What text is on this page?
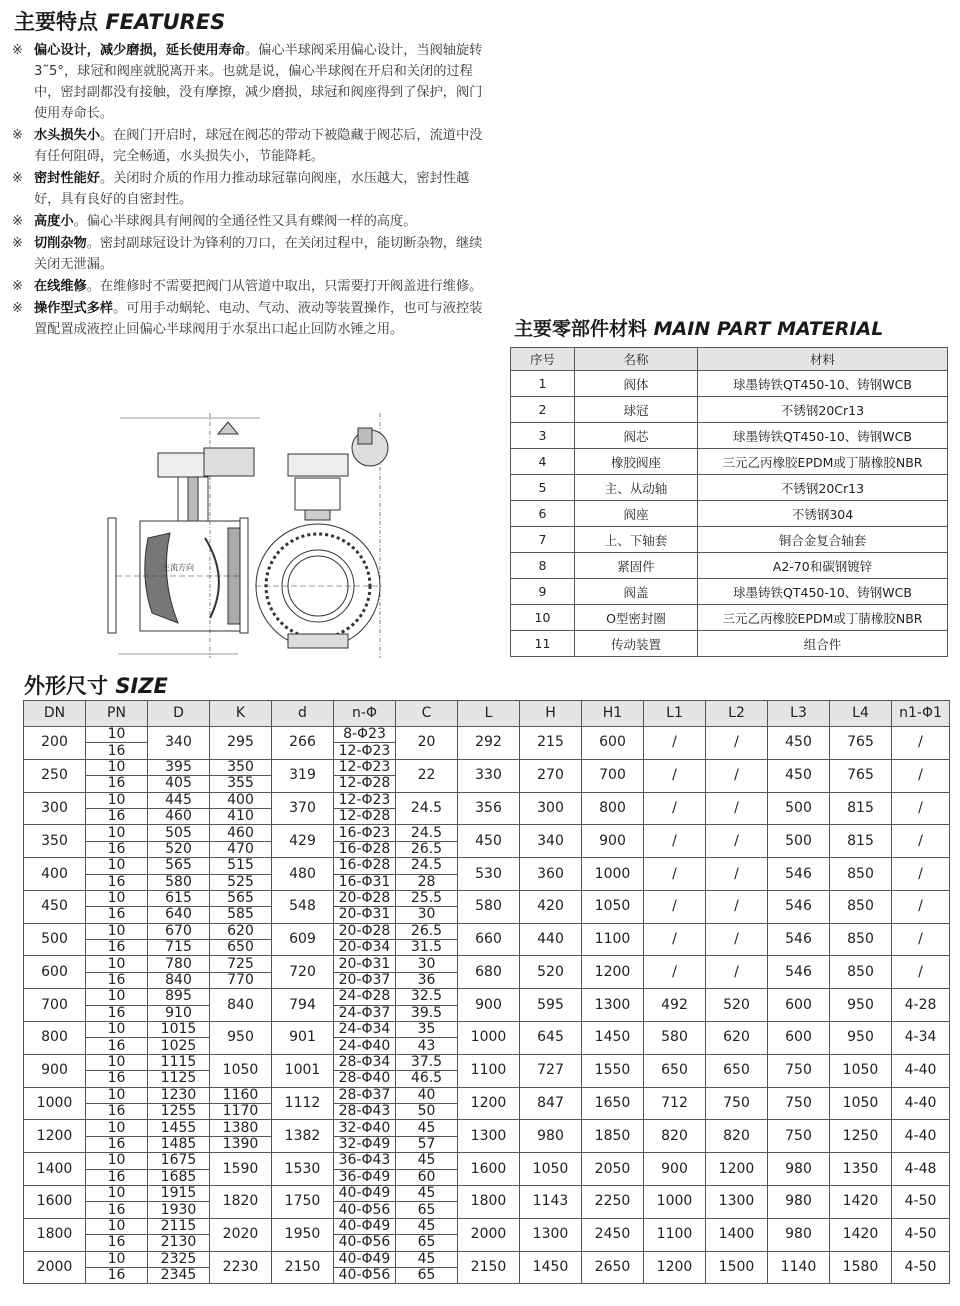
主要特点 FEATURES
※ 偏心设计，减少磨损，延长使用寿命。偏心半球阀采用偏心设计，当阀轴旋转3˜5°，球冠和阀座就脱离开来。也就是说，偏心半球阀在开启和关闭的过程中，密封副都没有接触，没有摩擦，减少磨损，球冠和阀座得到了保护，阀门使用寿命长。
※ 水头损失小。在阀门开启时，球冠在阀芯的带动下被隐藏于阀芯后，流道中没有任何阻碍，完全畅通，水头损失小，节能降耗。
※ 密封性能好。关闭时介质的作用力推动球冠靠向阀座，水压越大，密封性越好，具有良好的自密封性。
※ 高度小。偏心半球阀具有闸阀的全通径性又具有蝶阀一样的高度。
※ 切削杂物。密封副球冠设计为锋利的刀口，在关闭过程中，能切断杂物，继续关闭无泄漏。
※ 在线维修。在维修时不需要把阀门从管道中取出，只需要打开阀盖进行维修。
※ 操作型式多样。可用手动蜗轮、电动、气动、液动等装置操作，也可与液控装置配置成液控止回偏心半球阀用于水泵出口起止回防水锤之用。
主流方向
主要零部件材料 MAIN PART MATERIAL
序号	名称	材料
1	阀体	球墨铸铁QT450-10、铸钢WCB
2	球冠	不锈钢20Cr13
3	阀芯	球墨铸铁QT450-10、铸钢WCB
4	橡胶阀座	三元乙丙橡胶EPDM或丁腈橡胶NBR
5	主、从动轴	不锈钢20Cr13
6	阀座	不锈钢304
7	上、下轴套	铜合金复合轴套
8	紧固件	A2-70和碳钢镀锌
9	阀盖	球墨铸铁QT450-10、铸钢WCB
10	O型密封圈	三元乙丙橡胶EPDM或丁腈橡胶NBR
11	传动装置	组合件
外形尺寸 SIZE
DN	PN	D	K	d	n-Φ	C	L	H	H1	L1	L2	L3	L4	n1-Φ1
200	10	340	295	266	8-Φ23	20	292	215	600	/	/	450	765	/
	16				12-Φ23									
250	10	395	350	319	12-Φ23	22	330	270	700	/	/	450	765	/
	16	405	355		12-Φ28									
300	10	445	400	370	12-Φ23	24.5	356	300	800	/	/	500	815	/
	16	460	410		12-Φ28									
350	10	505	460	429	16-Φ23	24.5	450	340	900	/	/	500	815	/
	16	520	470		16-Φ28	26.5								
400	10	565	515	480	16-Φ28	24.5	530	360	1000	/	/	546	850	/
	16	580	525		16-Φ31	28								
450	10	615	565	548	20-Φ28	25.5	580	420	1050	/	/	546	850	/
	16	640	585		20-Φ31	30								
500	10	670	620	609	20-Φ28	26.5	660	440	1100	/	/	546	850	/
	16	715	650		20-Φ34	31.5								
600	10	780	725	720	20-Φ31	30	680	520	1200	/	/	546	850	/
	16	840	770		20-Φ37	36								
700	10	895	840	794	24-Φ28	32.5	900	595	1300	492	520	600	950	4-28
	16	910			24-Φ37	39.5								
800	10	1015	950	901	24-Φ34	35	1000	645	1450	580	620	600	950	4-34
	16	1025			24-Φ40	43								
900	10	1115	1050	1001	28-Φ34	37.5	1100	727	1550	650	650	750	1050	4-40
	16	1125			28-Φ40	46.5								
1000	10	1230	1160	1112	28-Φ37	40	1200	847	1650	712	750	750	1050	4-40
	16	1255	1170		28-Φ43	50								
1200	10	1455	1380	1382	32-Φ40	45	1300	980	1850	820	820	750	1250	4-40
	16	1485	1390		32-Φ49	57								
1400	10	1675	1590	1530	36-Φ43	45	1600	1050	2050	900	1200	980	1350	4-48
	16	1685			36-Φ49	60								
1600	10	1915	1820	1750	40-Φ49	45	1800	1143	2250	1000	1300	980	1420	4-50
	16	1930			40-Φ56	65								
1800	10	2115	2020	1950	40-Φ49	45	2000	1300	2450	1100	1400	980	1420	4-50
	16	2130			40-Φ56	65								
2000	10	2325	2230	2150	40-Φ49	45	2150	1450	2650	1200	1500	1140	1580	4-50
	16	2345			40-Φ56	65								
